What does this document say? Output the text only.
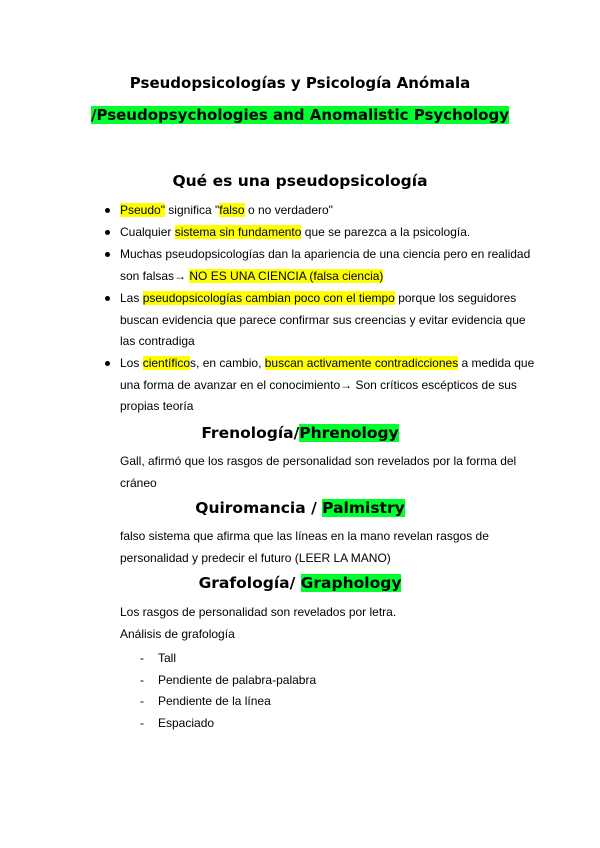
Pseudopsicologías y Psicología Anómala
/Pseudopsychologies and Anomalistic Psychology
Qué es una pseudopsicología
Pseudo" significa "falso o no verdadero"
Cualquier sistema sin fundamento que se parezca a la psicología.
Muchas pseudopsicologías dan la apariencia de una ciencia pero en realidad
son falsas→ NO ES UNA CIENCIA (falsa ciencia)
Las pseudopsicologías cambian poco con el tiempo porque los seguidores
buscan evidencia que parece confirmar sus creencias y evitar evidencia que
las contradiga
Los científicos, en cambio, buscan activamente contradicciones a medida que
una forma de avanzar en el conocimiento→ Son críticos escépticos de sus
propias teoría
Frenología/Phrenology
Gall, afirmó que los rasgos de personalidad son revelados por la forma del
cráneo
Quiromancia / Palmistry
falso sistema que afirma que las líneas en la mano revelan rasgos de
personalidad y predecir el futuro (LEER LA MANO)
Grafología/ Graphology
Los rasgos de personalidad son revelados por letra.
Análisis de grafología
- Tall
- Pendiente de palabra-palabra
- Pendiente de la línea
- Espaciado
